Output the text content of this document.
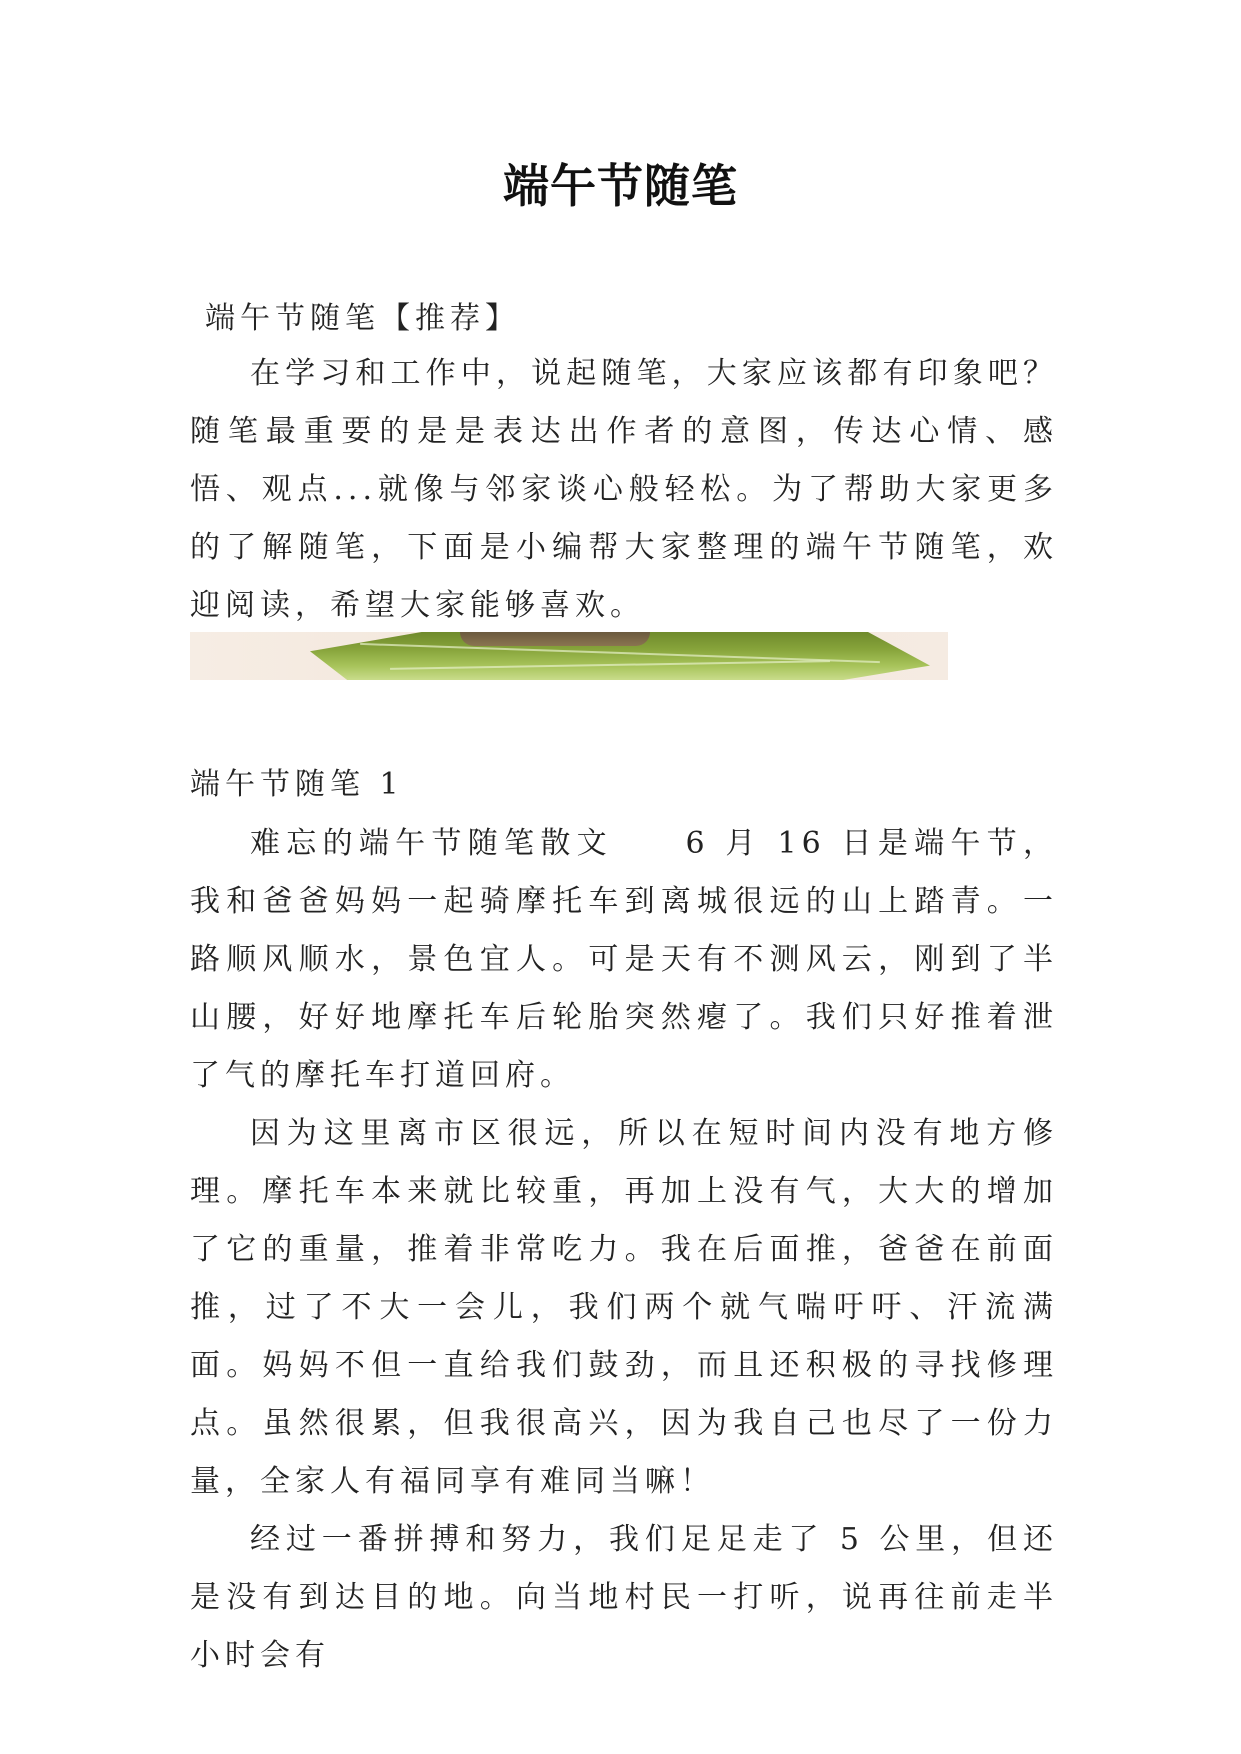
端午节随笔
端午节随笔【推荐】

在学习和工作中，说起随笔，大家应该都有印象吧？随笔最重要的是是表达出作者的意图，传达心情、感悟、观点...就像与邻家谈心般轻松。为了帮助大家更多的了解随笔，下面是小编帮大家整理的端午节随笔，欢迎阅读，希望大家能够喜欢。

端午节随笔 1

难忘的端午节随笔散文　　6 月 16 日是端午节，我和爸爸妈妈一起骑摩托车到离城很远的山上踏青。一路顺风顺水，景色宜人。可是天有不测风云，刚到了半山腰，好好地摩托车后轮胎突然瘪了。我们只好推着泄了气的摩托车打道回府。

因为这里离市区很远，所以在短时间内没有地方修理。摩托车本来就比较重，再加上没有气，大大的增加了它的重量，推着非常吃力。我在后面推，爸爸在前面推，过了不大一会儿，我们两个就气喘吁吁、汗流满面。妈妈不但一直给我们鼓劲，而且还积极的寻找修理点。虽然很累，但我很高兴，因为我自己也尽了一份力量，全家人有福同享有难同当嘛！

经过一番拼搏和努力，我们足足走了 5 公里，但还是没有到达目的地。向当地村民一打听，说再往前走半小时会有
